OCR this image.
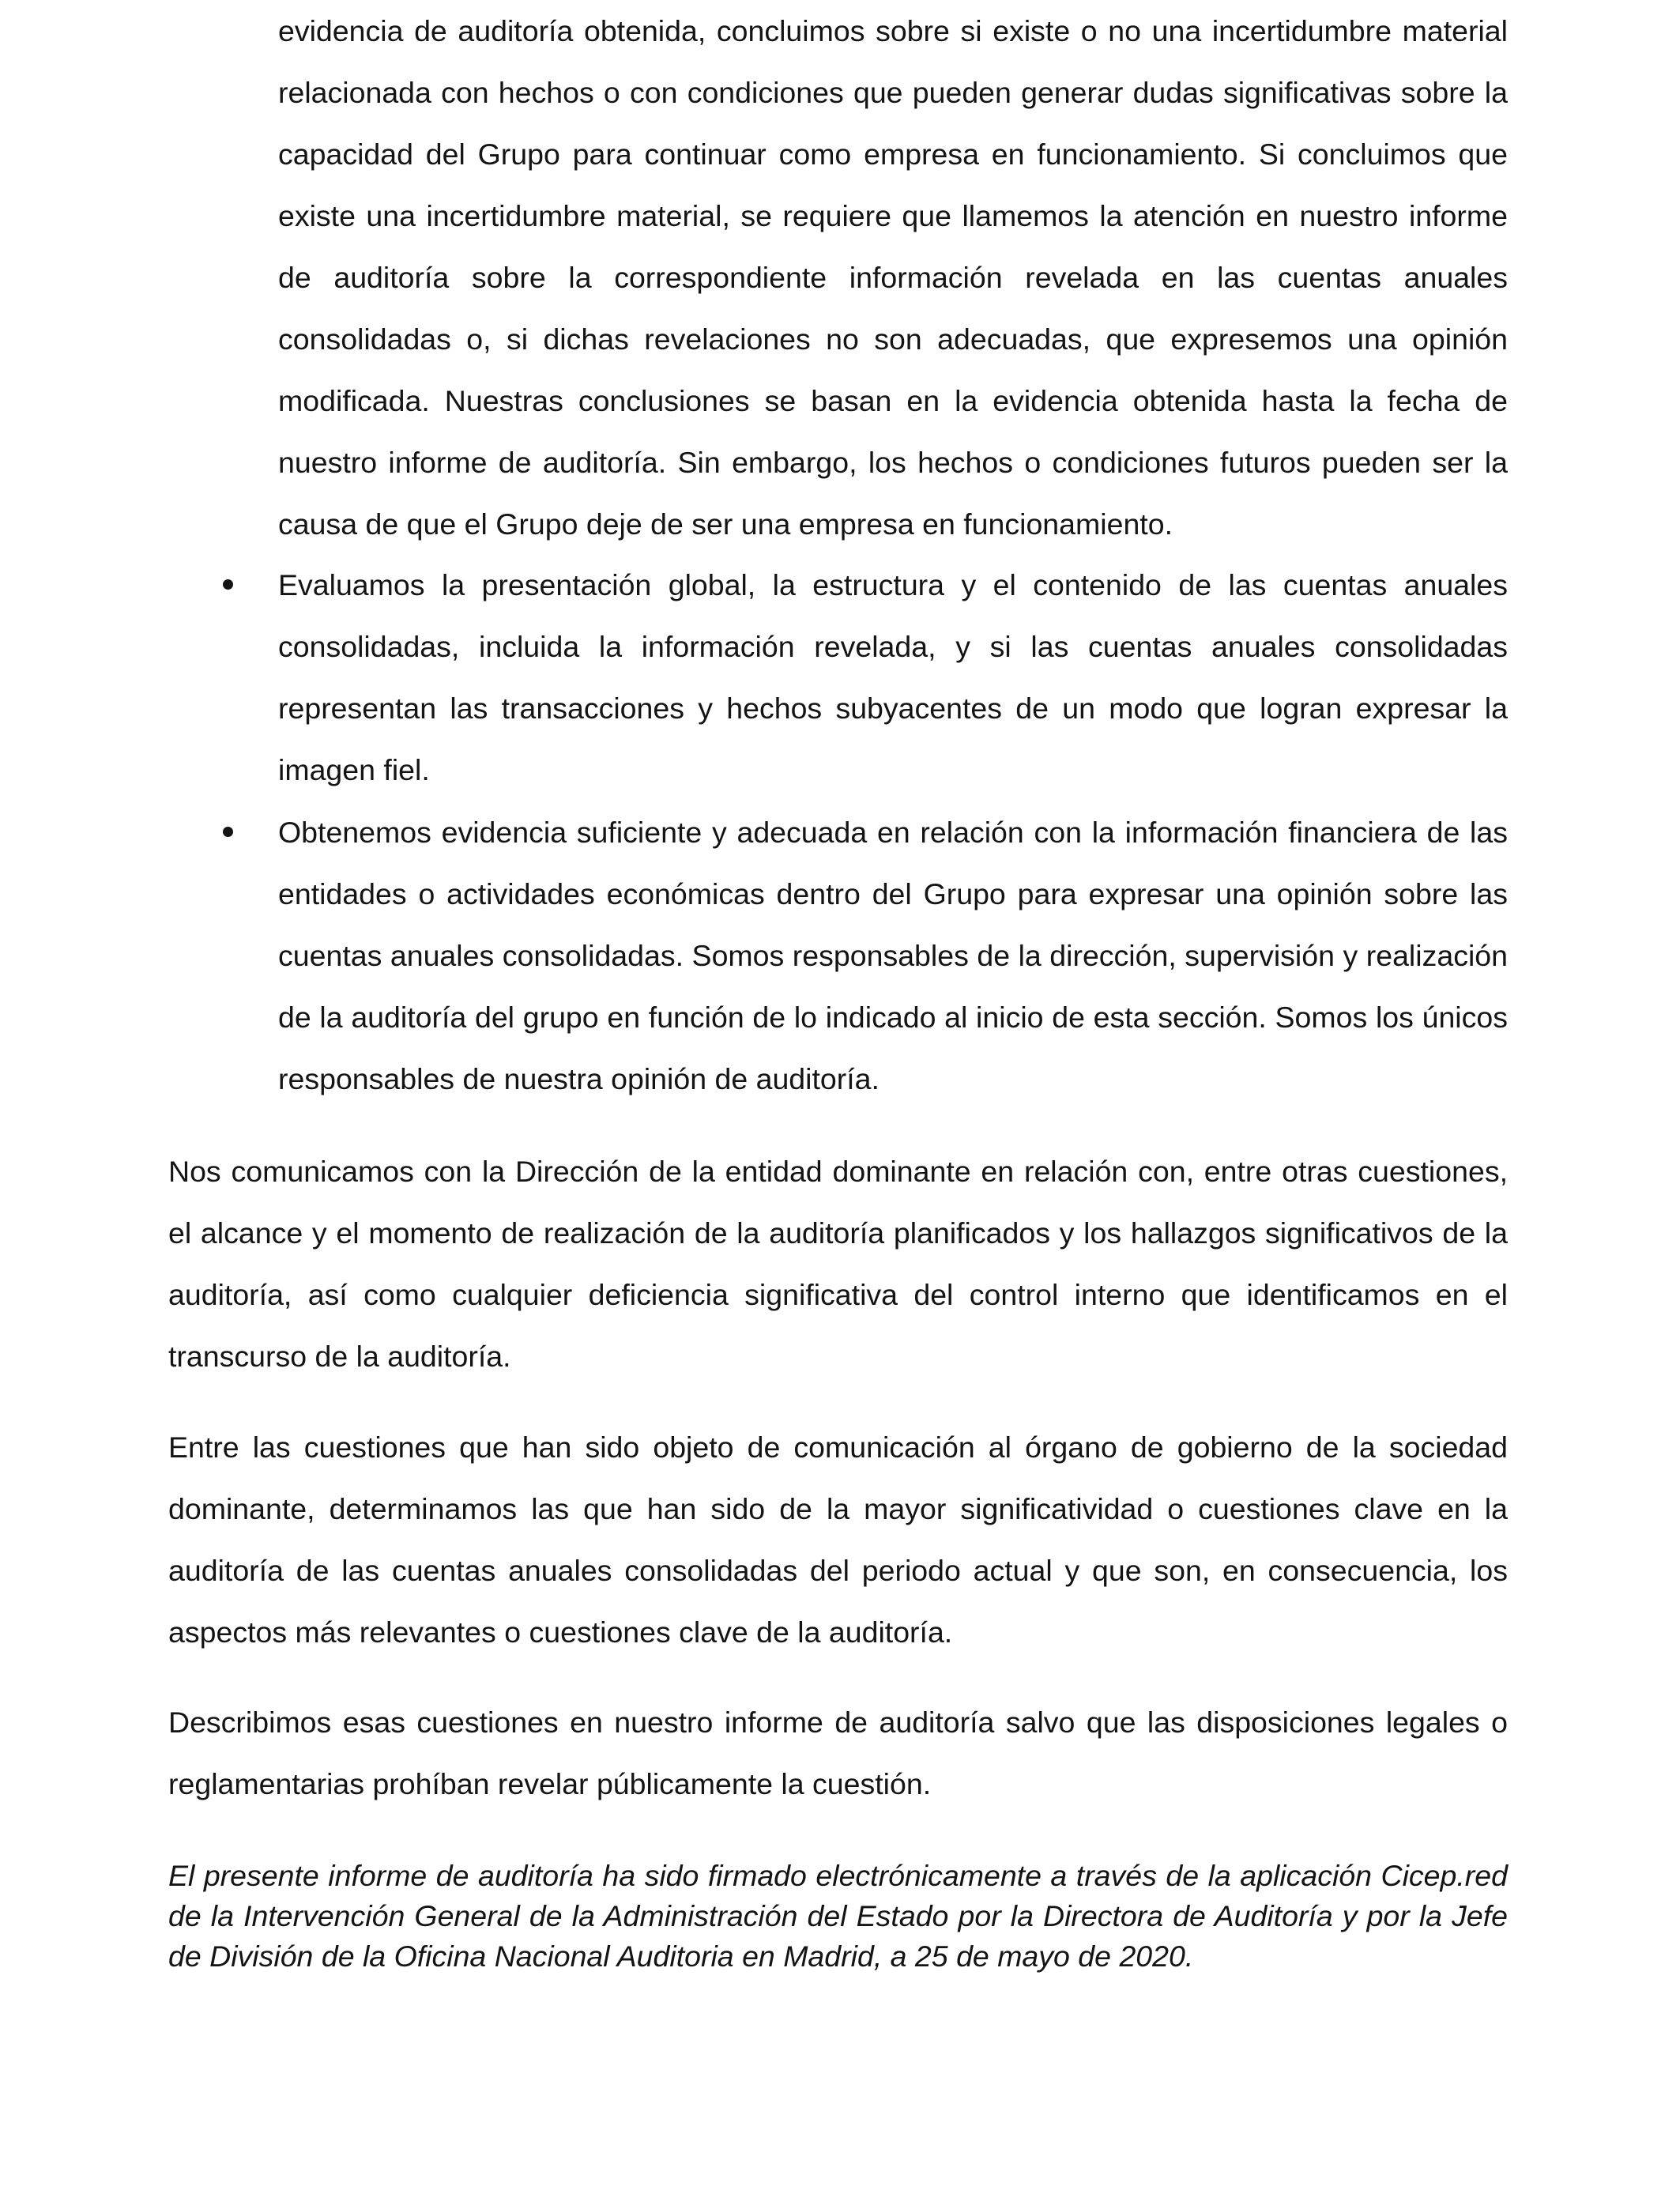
evidencia de auditoría obtenida, concluimos sobre si existe o no una incertidumbre material relacionada con hechos o con condiciones que pueden generar dudas significativas sobre la capacidad del Grupo para continuar como empresa en funcionamiento. Si concluimos que existe una incertidumbre material, se requiere que llamemos la atención en nuestro informe de auditoría sobre la correspondiente información revelada en las cuentas anuales consolidadas o, si dichas revelaciones no son adecuadas, que expresemos una opinión modificada. Nuestras conclusiones se basan en la evidencia obtenida hasta la fecha de nuestro informe de auditoría. Sin embargo, los hechos o condiciones futuros pueden ser la causa de que el Grupo deje de ser una empresa en funcionamiento.

Evaluamos la presentación global, la estructura y el contenido de las cuentas anuales consolidadas, incluida la información revelada, y si las cuentas anuales consolidadas representan las transacciones y hechos subyacentes de un modo que logran expresar la imagen fiel.

Obtenemos evidencia suficiente y adecuada en relación con la información financiera de las entidades o actividades económicas dentro del Grupo para expresar una opinión sobre las cuentas anuales consolidadas. Somos responsables de la dirección, supervisión y realización de la auditoría del grupo en función de lo indicado al inicio de esta sección. Somos los únicos responsables de nuestra opinión de auditoría.

Nos comunicamos con la Dirección de la entidad dominante en relación con, entre otras cuestiones, el alcance y el momento de realización de la auditoría planificados y los hallazgos significativos de la auditoría, así como cualquier deficiencia significativa del control interno que identificamos en el transcurso de la auditoría.

Entre las cuestiones que han sido objeto de comunicación al órgano de gobierno de la sociedad dominante, determinamos las que han sido de la mayor significatividad o cuestiones clave en la auditoría de las cuentas anuales consolidadas del periodo actual y que son, en consecuencia, los aspectos más relevantes o cuestiones clave de la auditoría.

Describimos esas cuestiones en nuestro informe de auditoría salvo que las disposiciones legales o reglamentarias prohíban revelar públicamente la cuestión.

El presente informe de auditoría ha sido firmado electrónicamente a través de la aplicación Cicep.red de la Intervención General de la Administración del Estado por la Directora de Auditoría y por la Jefe de División de la Oficina Nacional Auditoria en Madrid, a 25 de mayo de 2020.
